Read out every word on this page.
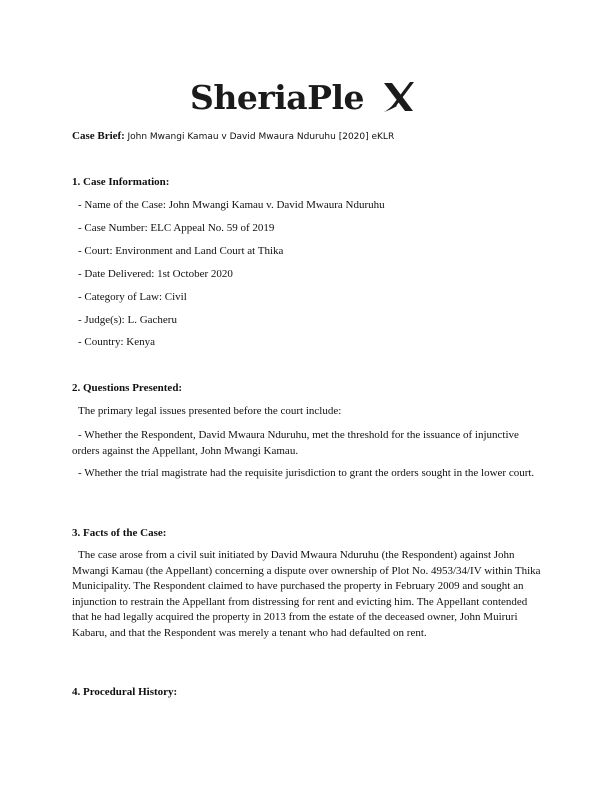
SheriaPle
Case Brief: John Mwangi Kamau v David Mwaura Nduruhu [2020] eKLR

1. Case Information:

- Name of the Case: John Mwangi Kamau v. David Mwaura Nduruhu

- Case Number: ELC Appeal No. 59 of 2019

- Court: Environment and Land Court at Thika

- Date Delivered: 1st October 2020

- Category of Law: Civil

- Judge(s): L. Gacheru

- Country: Kenya

2. Questions Presented:

The primary legal issues presented before the court include:

- Whether the Respondent, David Mwaura Nduruhu, met the threshold for the issuance of injunctive orders against the Appellant, John Mwangi Kamau.

- Whether the trial magistrate had the requisite jurisdiction to grant the orders sought in the lower court.

3. Facts of the Case:

The case arose from a civil suit initiated by David Mwaura Nduruhu (the Respondent) against John Mwangi Kamau (the Appellant) concerning a dispute over ownership of Plot No. 4953/34/IV within Thika Municipality. The Respondent claimed to have purchased the property in February 2009 and sought an injunction to restrain the Appellant from distressing for rent and evicting him. The Appellant contended that he had legally acquired the property in 2013 from the estate of the deceased owner, John Muiruri Kabaru, and that the Respondent was merely a tenant who had defaulted on rent.

4. Procedural History:
